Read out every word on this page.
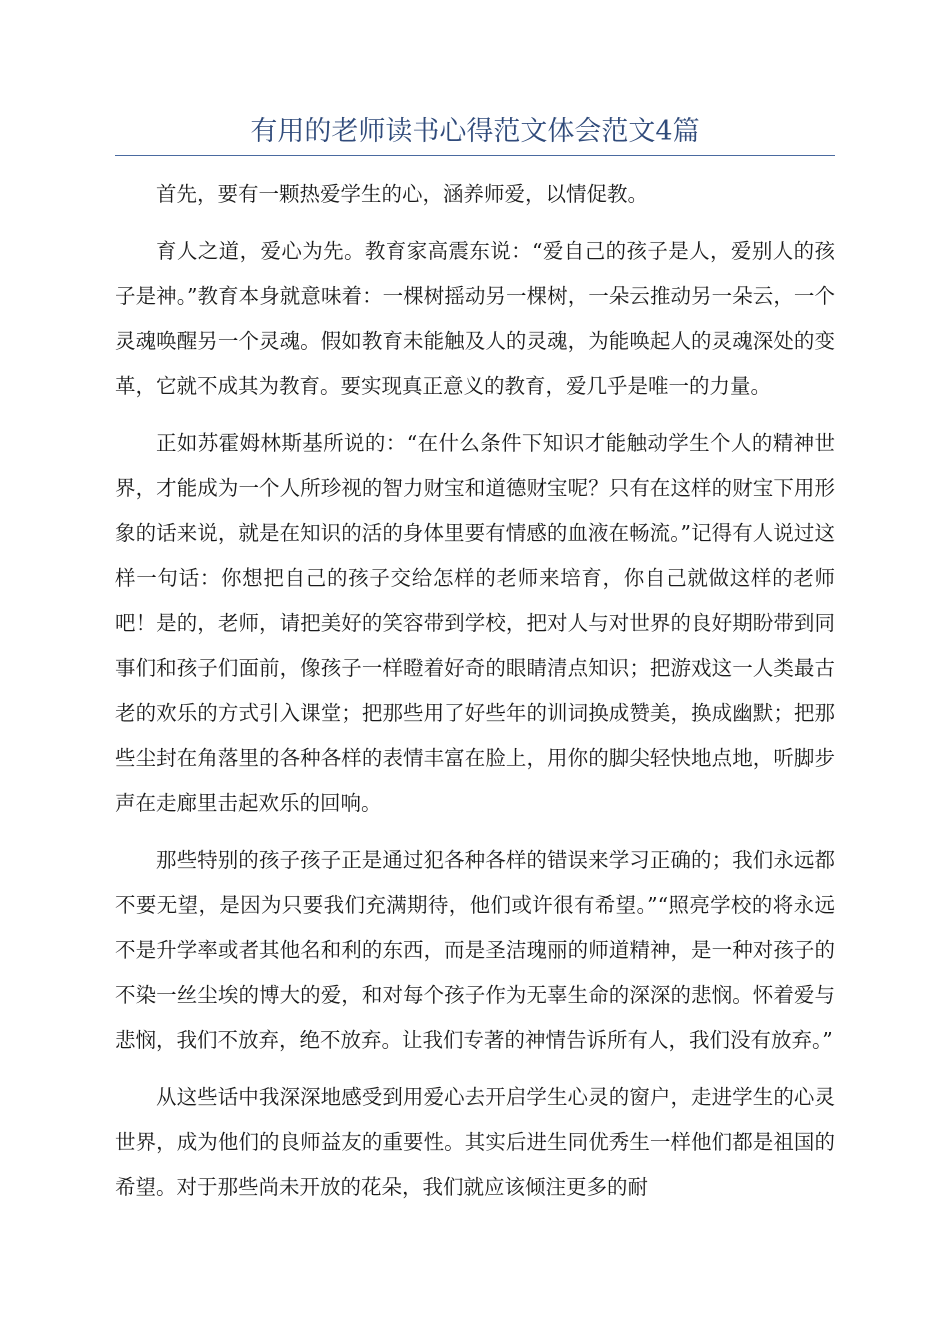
有用的老师读书心得范文体会范文4篇

首先，要有一颗热爱学生的心，涵养师爱，以情促教。

育人之道，爱心为先。教育家高震东说：“爱自己的孩子是人，爱别人的孩子是神。”教育本身就意味着：一棵树摇动另一棵树，一朵云推动另一朵云，一个灵魂唤醒另一个灵魂。假如教育未能触及人的灵魂，为能唤起人的灵魂深处的变革，它就不成其为教育。要实现真正意义的教育，爱几乎是唯一的力量。

正如苏霍姆林斯基所说的：“在什么条件下知识才能触动学生个人的精神世界，才能成为一个人所珍视的智力财宝和道德财宝呢？只有在这样的财宝下用形象的话来说，就是在知识的活的身体里要有情感的血液在畅流。”记得有人说过这样一句话：你想把自己的孩子交给怎样的老师来培育，你自己就做这样的老师吧！是的，老师，请把美好的笑容带到学校，把对人与对世界的良好期盼带到同事们和孩子们面前，像孩子一样瞪着好奇的眼睛清点知识；把游戏这一人类最古老的欢乐的方式引入课堂；把那些用了好些年的训词换成赞美，换成幽默；把那些尘封在角落里的各种各样的表情丰富在脸上，用你的脚尖轻快地点地，听脚步声在走廊里击起欢乐的回响。

那些特别的孩子孩子正是通过犯各种各样的错误来学习正确的；我们永远都不要无望，是因为只要我们充满期待，他们或许很有希望。”“照亮学校的将永远不是升学率或者其他名和利的东西，而是圣洁瑰丽的师道精神，是一种对孩子的不染一丝尘埃的博大的爱，和对每个孩子作为无辜生命的深深的悲悯。怀着爱与悲悯，我们不放弃，绝不放弃。让我们专著的神情告诉所有人，我们没有放弃。”

从这些话中我深深地感受到用爱心去开启学生心灵的窗户，走进学生的心灵世界，成为他们的良师益友的重要性。其实后进生同优秀生一样他们都是祖国的希望。对于那些尚未开放的花朵，我们就应该倾注更多的耐
